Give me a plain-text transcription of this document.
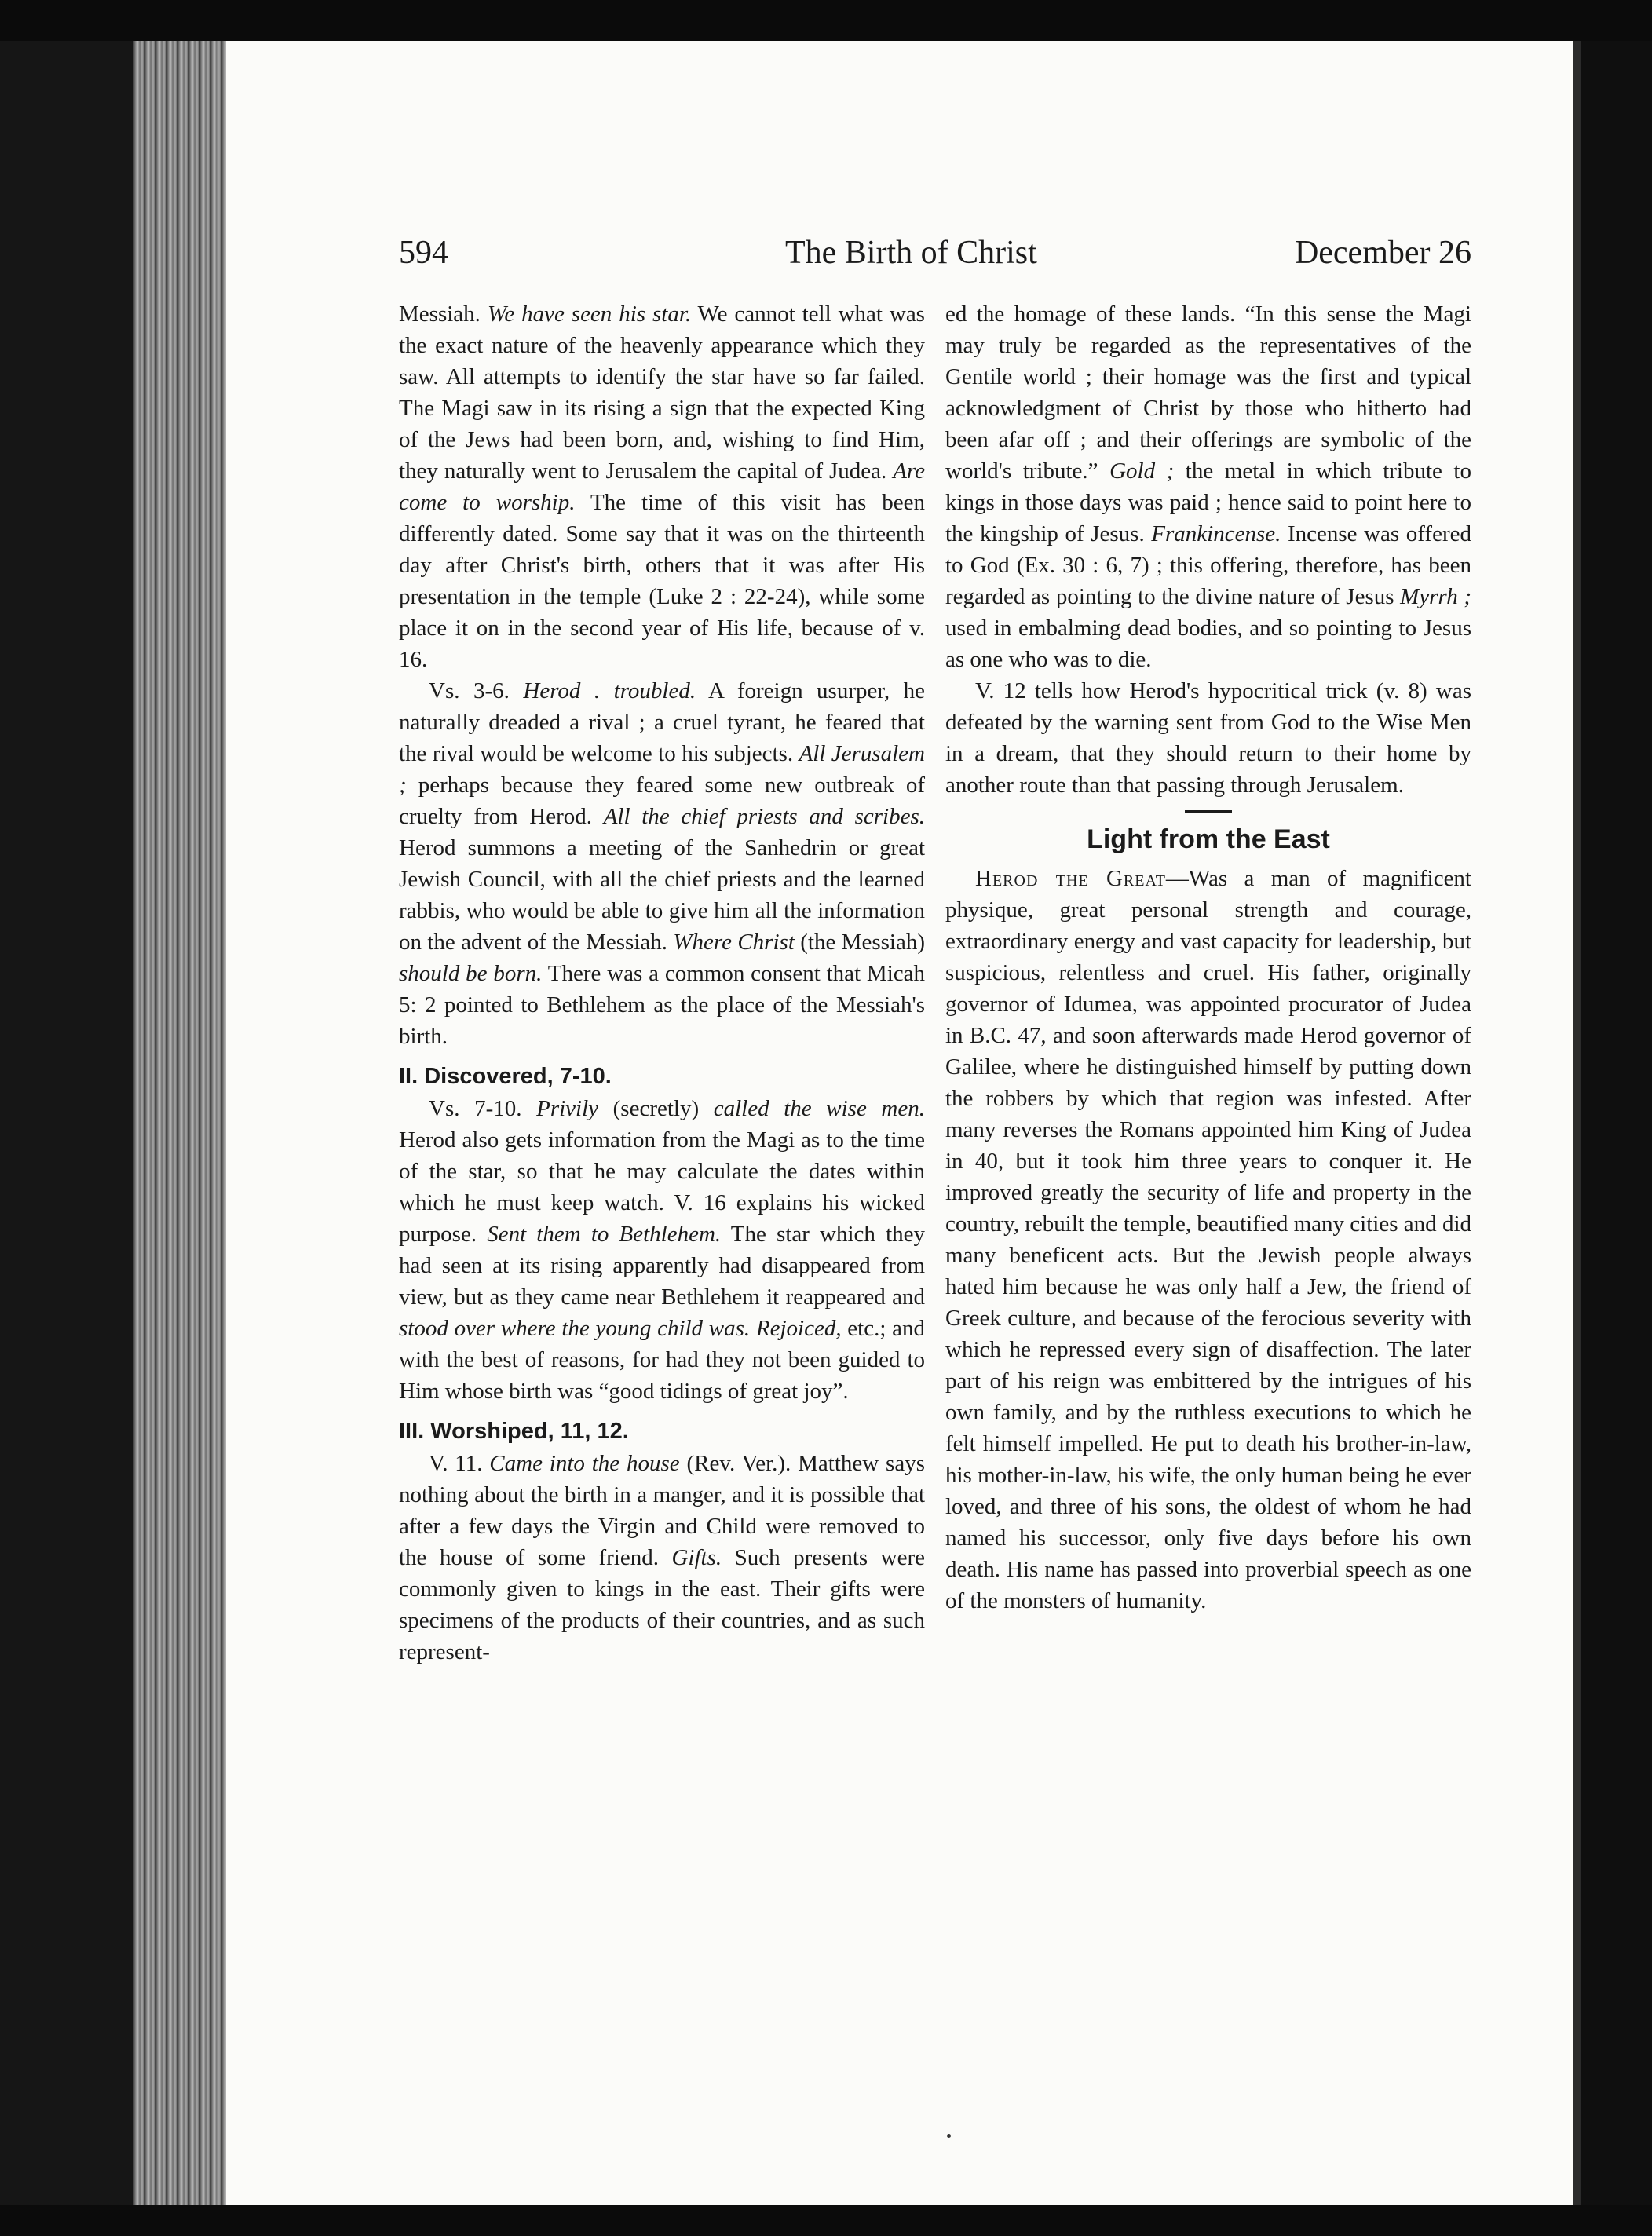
594	The Birth of Christ	December 26

Messiah. We have seen his star. We cannot tell what was the exact nature of the heavenly appearance which they saw. All attempts to identify the star have so far failed. The Magi saw in its rising a sign that the expected King of the Jews had been born, and, wishing to find Him, they naturally went to Jerusalem the capital of Judea. Are come to worship. The time of this visit has been differently dated. Some say that it was on the thirteenth day after Christ's birth, others that it was after His presentation in the temple (Luke 2 : 22-24), while some place it on in the second year of His life, because of v. 16.

Vs. 3-6. Herod . troubled. A foreign usurper, he naturally dreaded a rival ; a cruel tyrant, he feared that the rival would be welcome to his subjects. All Jerusalem ; perhaps because they feared some new outbreak of cruelty from Herod. All the chief priests and scribes. Herod summons a meeting of the Sanhedrin or great Jewish Council, with all the chief priests and the learned rabbis, who would be able to give him all the information on the advent of the Messiah. Where Christ (the Messiah) should be born. There was a common consent that Micah 5: 2 pointed to Bethlehem as the place of the Messiah's birth.

II. Discovered, 7-10.

Vs. 7-10. Privily (secretly) called the wise men. Herod also gets information from the Magi as to the time of the star, so that he may calculate the dates within which he must keep watch. V. 16 explains his wicked purpose. Sent them to Bethlehem. The star which they had seen at its rising apparently had disappeared from view, but as they came near Bethlehem it reappeared and stood over where the young child was. Rejoiced, etc.; and with the best of reasons, for had they not been guided to Him whose birth was “good tidings of great joy”.

III. Worshiped, 11, 12.

V. 11. Came into the house (Rev. Ver.). Matthew says nothing about the birth in a manger, and it is possible that after a few days the Virgin and Child were removed to the house of some friend. Gifts. Such presents were commonly given to kings in the east. Their gifts were specimens of the products of their countries, and as such represent-

ed the homage of these lands. “In this sense the Magi may truly be regarded as the representatives of the Gentile world ; their homage was the first and typical acknowledgment of Christ by those who hitherto had been afar off ; and their offerings are symbolic of the world's tribute.” Gold ; the metal in which tribute to kings in those days was paid ; hence said to point here to the kingship of Jesus. Frankincense. Incense was offered to God (Ex. 30 : 6, 7) ; this offering, therefore, has been regarded as pointing to the divine nature of Jesus Myrrh ; used in embalming dead bodies, and so pointing to Jesus as one who was to die.

V. 12 tells how Herod's hypocritical trick (v. 8) was defeated by the warning sent from God to the Wise Men in a dream, that they should return to their home by another route than that passing through Jerusalem.

Light from the East

Herod the Great—Was a man of magnificent physique, great personal strength and courage, extraordinary energy and vast capacity for leadership, but suspicious, relentless and cruel. His father, originally governor of Idumea, was appointed procurator of Judea in B.C. 47, and soon afterwards made Herod governor of Galilee, where he distinguished himself by putting down the robbers by which that region was infested. After many reverses the Romans appointed him King of Judea in 40, but it took him three years to conquer it. He improved greatly the security of life and property in the country, rebuilt the temple, beautified many cities and did many beneficent acts. But the Jewish people always hated him because he was only half a Jew, the friend of Greek culture, and because of the ferocious severity with which he repressed every sign of disaffection. The later part of his reign was embittered by the intrigues of his own family, and by the ruthless executions to which he felt himself impelled. He put to death his brother-in-law, his mother-in-law, his wife, the only human being he ever loved, and three of his sons, the oldest of whom he had named his successor, only five days before his own death. His name has passed into proverbial speech as one of the monsters of humanity.
